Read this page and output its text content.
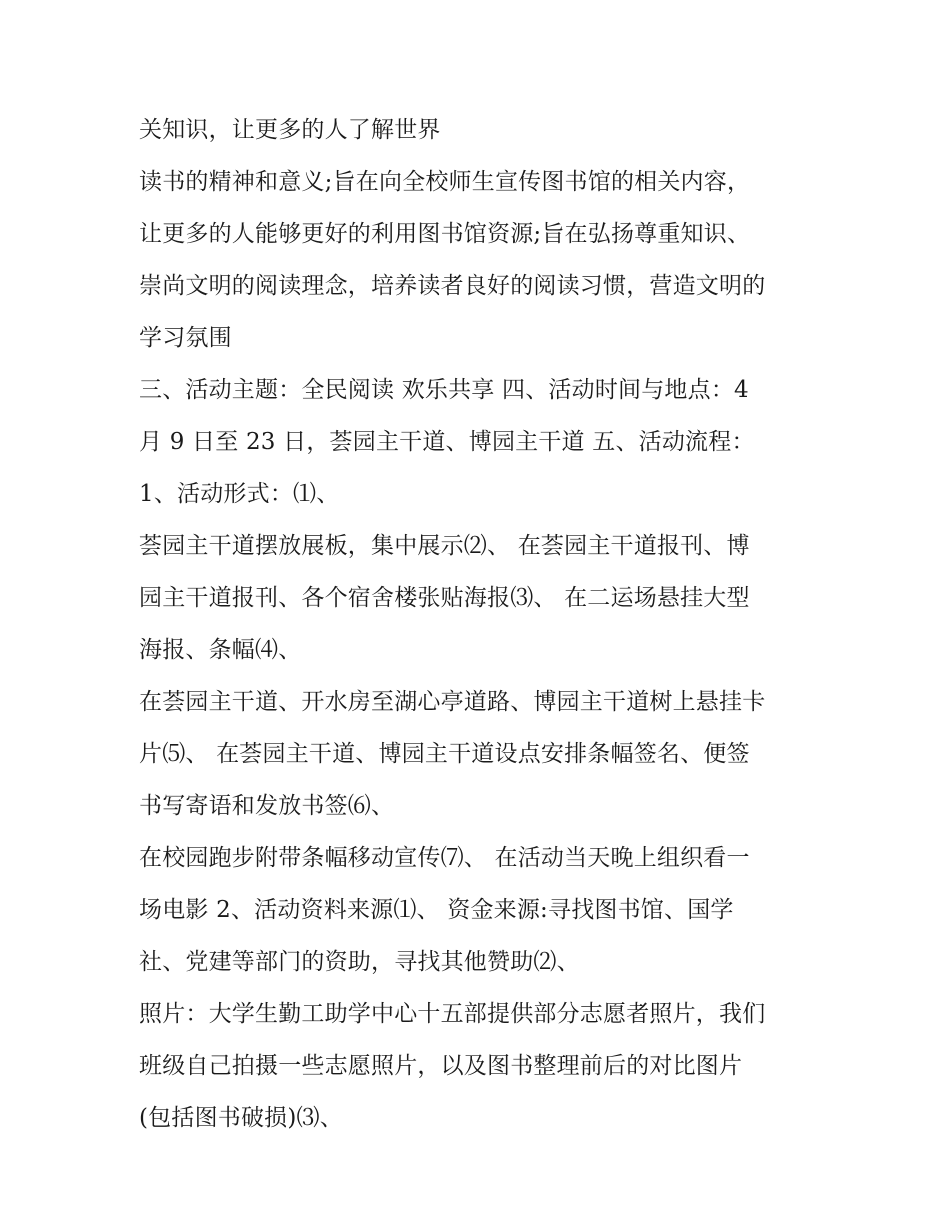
关知识，让更多的人了解世界
读书的精神和意义;旨在向全校师生宣传图书馆的相关内容，
让更多的人能够更好的利用图书馆资源;旨在弘扬尊重知识、
崇尚文明的阅读理念，培养读者良好的阅读习惯，营造文明的
学习氛围
三、活动主题：全民阅读 欢乐共享 四、活动时间与地点：4
月 9 日至 23 日，荟园主干道、博园主干道 五、活动流程：
1、活动形式：⑴、
荟园主干道摆放展板，集中展示⑵、 在荟园主干道报刊、博
园主干道报刊、各个宿舍楼张贴海报⑶、 在二运场悬挂大型
海报、条幅⑷、
在荟园主干道、开水房至湖心亭道路、博园主干道树上悬挂卡
片⑸、 在荟园主干道、博园主干道设点安排条幅签名、便签
书写寄语和发放书签⑹、
在校园跑步附带条幅移动宣传⑺、 在活动当天晚上组织看一
场电影 2、活动资料来源⑴、 资金来源:寻找图书馆、国学
社、党建等部门的资助，寻找其他赞助⑵、
照片：大学生勤工助学中心十五部提供部分志愿者照片，我们
班级自己拍摄一些志愿照片，以及图书整理前后的对比图片
(包括图书破损)⑶、
